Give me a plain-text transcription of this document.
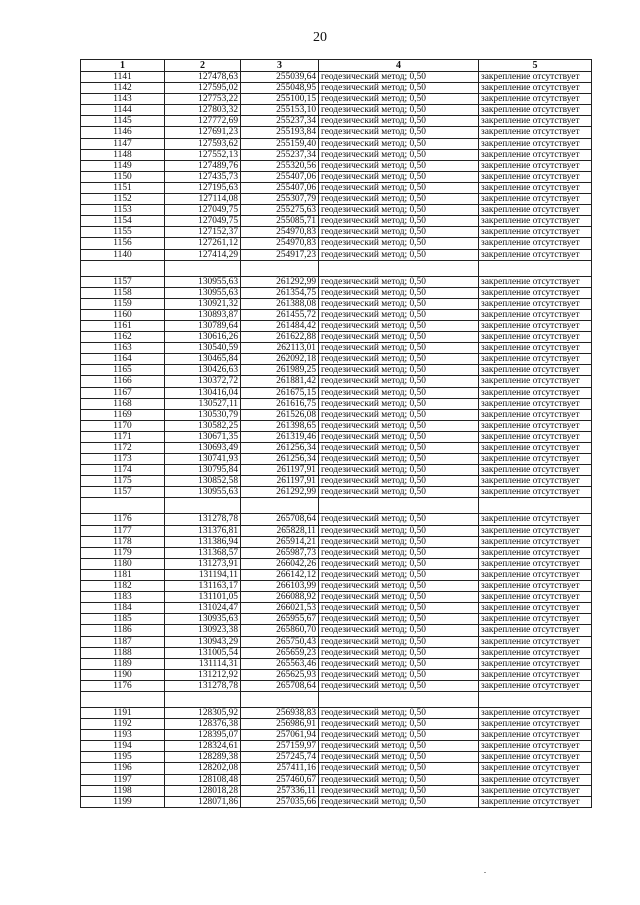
20
1	2	3	4	5
1141	127478,63	255039,64	геодезический метод; 0,50	закрепление отсутствует
1142	127595,02	255048,95	геодезический метод; 0,50	закрепление отсутствует
1143	127753,22	255100,15	геодезический метод; 0,50	закрепление отсутствует
1144	127803,32	255153,10	геодезический метод; 0,50	закрепление отсутствует
1145	127772,69	255237,34	геодезический метод; 0,50	закрепление отсутствует
1146	127691,23	255193,84	геодезический метод; 0,50	закрепление отсутствует
1147	127593,62	255159,40	геодезический метод; 0,50	закрепление отсутствует
1148	127552,13	255237,34	геодезический метод; 0,50	закрепление отсутствует
1149	127489,76	255320,56	геодезический метод; 0,50	закрепление отсутствует
1150	127435,73	255407,06	геодезический метод; 0,50	закрепление отсутствует
1151	127195,63	255407,06	геодезический метод; 0,50	закрепление отсутствует
1152	127114,08	255307,79	геодезический метод; 0,50	закрепление отсутствует
1153	127049,75	255275,63	геодезический метод; 0,50	закрепление отсутствует
1154	127049,75	255085,71	геодезический метод; 0,50	закрепление отсутствует
1155	127152,37	254970,83	геодезический метод; 0,50	закрепление отсутствует
1156	127261,12	254970,83	геодезический метод; 0,50	закрепление отсутствует
1140	127414,29	254917,23	геодезический метод; 0,50	закрепление отсутствует

1157	130955,63	261292,99	геодезический метод; 0,50	закрепление отсутствует
1158	130955,63	261354,75	геодезический метод; 0,50	закрепление отсутствует
1159	130921,32	261388,08	геодезический метод; 0,50	закрепление отсутствует
1160	130893,87	261455,72	геодезический метод; 0,50	закрепление отсутствует
1161	130789,64	261484,42	геодезический метод; 0,50	закрепление отсутствует
1162	130616,26	261622,88	геодезический метод; 0,50	закрепление отсутствует
1163	130540,59	262113,01	геодезический метод; 0,50	закрепление отсутствует
1164	130465,84	262092,18	геодезический метод; 0,50	закрепление отсутствует
1165	130426,63	261989,25	геодезический метод; 0,50	закрепление отсутствует
1166	130372,72	261881,42	геодезический метод; 0,50	закрепление отсутствует
1167	130416,04	261675,15	геодезический метод; 0,50	закрепление отсутствует
1168	130527,11	261616,75	геодезический метод; 0,50	закрепление отсутствует
1169	130530,79	261526,08	геодезический метод; 0,50	закрепление отсутствует
1170	130582,25	261398,65	геодезический метод; 0,50	закрепление отсутствует
1171	130671,35	261319,46	геодезический метод; 0,50	закрепление отсутствует
1172	130693,49	261256,34	геодезический метод; 0,50	закрепление отсутствует
1173	130741,93	261256,34	геодезический метод; 0,50	закрепление отсутствует
1174	130795,84	261197,91	геодезический метод; 0,50	закрепление отсутствует
1175	130852,58	261197,91	геодезический метод; 0,50	закрепление отсутствует
1157	130955,63	261292,99	геодезический метод; 0,50	закрепление отсутствует

1176	131278,78	265708,64	геодезический метод; 0,50	закрепление отсутствует
1177	131376,81	265828,11	геодезический метод; 0,50	закрепление отсутствует
1178	131386,94	265914,21	геодезический метод; 0,50	закрепление отсутствует
1179	131368,57	265987,73	геодезический метод; 0,50	закрепление отсутствует
1180	131273,91	266042,26	геодезический метод; 0,50	закрепление отсутствует
1181	131194,11	266142,12	геодезический метод; 0,50	закрепление отсутствует
1182	131163,17	266103,99	геодезический метод; 0,50	закрепление отсутствует
1183	131101,05	266088,92	геодезический метод; 0,50	закрепление отсутствует
1184	131024,47	266021,53	геодезический метод; 0,50	закрепление отсутствует
1185	130935,63	265955,67	геодезический метод; 0,50	закрепление отсутствует
1186	130923,38	265860,70	геодезический метод; 0,50	закрепление отсутствует
1187	130943,29	265750,43	геодезический метод; 0,50	закрепление отсутствует
1188	131005,54	265659,23	геодезический метод; 0,50	закрепление отсутствует
1189	131114,31	265563,46	геодезический метод; 0,50	закрепление отсутствует
1190	131212,92	265625,93	геодезический метод; 0,50	закрепление отсутствует
1176	131278,78	265708,64	геодезический метод; 0,50	закрепление отсутствует

1191	128305,92	256938,83	геодезический метод; 0,50	закрепление отсутствует
1192	128376,38	256986,91	геодезический метод; 0,50	закрепление отсутствует
1193	128395,07	257061,94	геодезический метод; 0,50	закрепление отсутствует
1194	128324,61	257159,97	геодезический метод; 0,50	закрепление отсутствует
1195	128289,38	257245,74	геодезический метод; 0,50	закрепление отсутствует
1196	128202,08	257411,16	геодезический метод; 0,50	закрепление отсутствует
1197	128108,48	257460,67	геодезический метод; 0,50	закрепление отсутствует
1198	128018,28	257336,11	геодезический метод; 0,50	закрепление отсутствует
1199	128071,86	257035,66	геодезический метод; 0,50	закрепление отсутствует
